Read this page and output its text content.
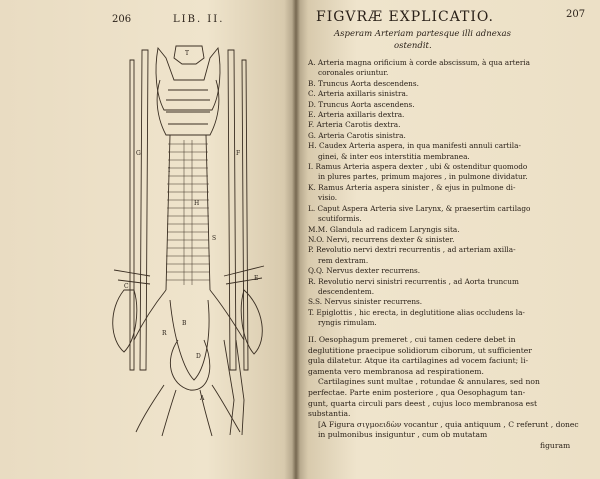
206	LIB. II.
T
H
I
B
A
D
G	F
C
E
S
R
FIGVRÆ EXPLICATIO.	207
Asperam Arteriam partesque illi adnexas
ostendit.
A. Arteria magna orificium à corde abscissum, à qua arteria
coronales oriuntur.
B. Truncus Aorta descendens.
C. Arteria axillaris sinistra.
D. Truncus Aorta ascendens.
E. Arteria axillaris dextra.
F. Arteria Carotis dextra.
G. Arteria Carotis sinistra.
H. Caudex Arteria aspera, in qua manifesti annuli cartila-
ginei, & inter eos interstitia membranea.
I. Ramus Arteria aspera dexter , ubi & ostenditur quomodo
in plures partes, primum majores , in pulmone dividatur.
K. Ramus Arteria aspera sinister , & ejus in pulmone di-
visio.
L. Caput Aspera Arteria sive Larynx, & praesertim cartilago
scutiformis.
M.M. Glandula ad radicem Laryngis sita.
N.O. Nervi, recurrens dexter & sinister.
P. Revolutio nervi dextri recurrentis , ad arteriam axilla-
rem dextram.
Q.Q. Nervus dexter recurrens.
R. Revolutio nervi sinistri recurrentis , ad Aorta truncum
descendentem.
S.S. Nervus sinister recurrens.
T. Epiglottis , hic erecta, in deglutitione alias occludens la-
ryngis rimulam.
II. Oesophagum premeret , cui tamen cedere debet in
deglutitione praecipue solidiorum ciborum, ut sufficienter
gula dilatetur. Atque ita cartilagines ad vocem faciunt; li-
gamenta vero membranosa ad respirationem.
Cartilagines sunt multae , rotundae & annulares, sed non
perfectae. Parte enim posteriore , qua Oesophagum tan-
gunt, quarta circuli pars deest , cujus loco membranosa est
substantia.
[A Figura σιγμοειδὼν vocantur , quia antiquum , C referunt , donec in pulmonibus insiguntur , cum ob mutatam
figuram
